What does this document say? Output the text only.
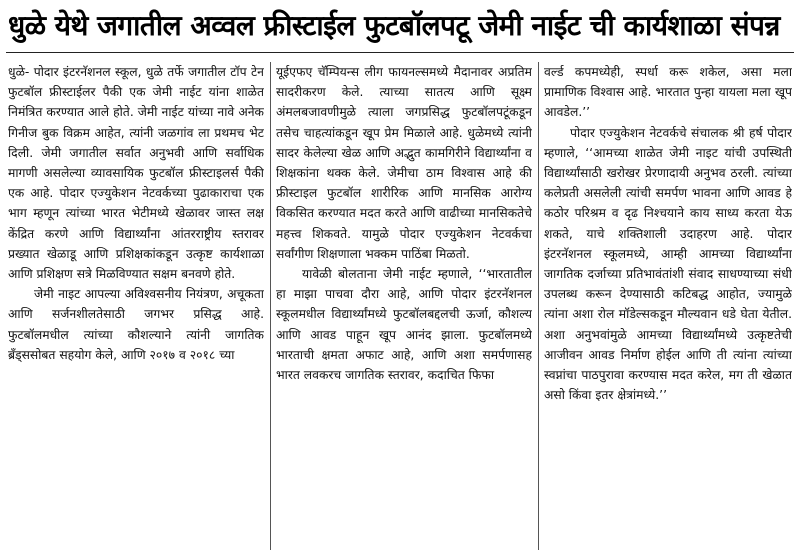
धुळे येथे जगातील अव्वल फ्रीस्टाईल फुटबॉलपटू जेमी नाईट ची कार्यशाळा संपन्न

धुळे- पोदार इंटरनॅशनल स्कूल, धुळे तर्फे जगातील टॉप टेन फुटबॉल फ्रीस्टाईलर पैकी एक जेमी नाईट यांना शाळेत निमंत्रित करण्यात आले होते. जेमी नाईट यांच्या नावे अनेक गिनीज बुक विक्रम आहेत, त्यांनी जळगांव ला प्रथमच भेट दिली. जेमी जगातील सर्वात अनुभवी आणि सर्वाधिक मागणी असलेल्या व्यावसायिक फुटबॉल फ्रीस्टाइलर्स पैकी एक आहे. पोदार एज्युकेशन नेटवर्कच्या पुढाकाराचा एक भाग म्हणून त्यांच्या भारत भेटीमध्ये खेळावर जास्त लक्ष केंद्रित करणे आणि विद्यार्थ्यांना आंतरराष्ट्रीय स्तरावर प्रख्यात खेळाडू आणि प्रशिक्षकांकडून उत्कृष्ट कार्यशाळा आणि प्रशिक्षण सत्रे मिळविण्यात सक्षम बनवणे होते.

जेमी नाइट आपल्या अविश्‍वसनीय नियंत्रण, अचूकता आणि सर्जनशीलतेसाठी जगभर प्रसिद्ध आहे. फुटबॉलमधील त्यांच्या कौशल्याने त्यांनी जागतिक ब्रँड्ससोबत सहयोग केले, आणि २०१७ व २०१८ च्या

यूईएफए चॅम्पियन्स लीग फायनल्समध्ये मैदानावर अप्रतिम सादरीकरण केले. त्याच्या सातत्य आणि सूक्ष्म अंमलबजावणीमुळे त्याला जगप्रसिद्ध फुटबॉलपटूंकडून तसेच चाहत्यांकडून खूप प्रेम मिळाले आहे. धुळेमध्ये त्यांनी सादर केलेल्या खेळ आणि अद्भुत कामगिरीने विद्यार्थ्यांना व शिक्षकांना थक्क केले. जेमीचा ठाम विश्‍वास आहे की फ्रीस्टाइल फुटबॉल शारीरिक आणि मानसिक आरोग्य विकसित करण्यात मदत करते आणि वाढीच्या मानसिकतेचे महत्त्व शिकवते. यामुळे पोदार एज्युकेशन नेटवर्कचा सर्वांगीण शिक्षणाला भक्कम पाठिंबा मिळतो.

यावेळी बोलताना जेमी नाईट म्हणाले, ‘‘भारतातील हा माझा पाचवा दौरा आहे, आणि पोदार इंटरनॅशनल स्कूलमधील विद्यार्थ्यांमध्ये फुटबॉलबद्दलची ऊर्जा, कौशल्य आणि आवड पाहून खूप आनंद झाला. फुटबॉलमध्ये भारताची क्षमता अफाट आहे, आणि अशा समर्पणासह भारत लवकरच जागतिक स्तरावर, कदाचित फिफा

वर्ल्ड कपमध्येही, स्पर्धा करू शकेल, असा मला प्रामाणिक विश्‍वास आहे. भारतात पुन्हा यायला मला खूप आवडेल.’’

पोदार एज्युकेशन नेटवर्कचे संचालक श्री हर्ष पोदार म्हणाले, ‘‘आमच्या शाळेत जेमी नाइट यांची उपस्थिती विद्यार्थ्यांसाठी खरोखर प्रेरणादायी अनुभव ठरली. त्यांच्या कलेप्रती असलेली त्यांची समर्पण भावना आणि आवड हे कठोर परिश्रम व दृढ निश्‍चयाने काय साध्य करता येऊ शकते, याचे शक्तिशाली उदाहरण आहे. पोदार इंटरनॅशनल स्कूलमध्ये, आम्ही आमच्या विद्यार्थ्यांना जागतिक दर्जाच्या प्रतिभावंतांशी संवाद साधण्याच्या संधी उपलब्ध करून देण्यासाठी कटिबद्ध आहोत, ज्यामुळे त्यांना अशा रोल मॉडेल्सकडून मौल्यवान धडे घेता येतील. अशा अनुभवांमुळे आमच्या विद्यार्थ्यांमध्ये उत्कृष्टतेची आजीवन आवड निर्माण होईल आणि ती त्यांना त्यांच्या स्वप्नांचा पाठपुरावा करण्यास मदत करेल, मग ती खेळात असो किंवा इतर क्षेत्रांमध्ये.’’
